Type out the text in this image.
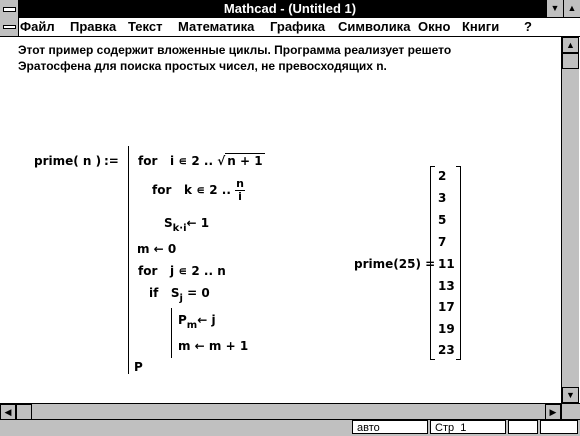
Mathcad - (Untitled 1)	▼ ▲
Файл Правка Текст Математика Графика Символика Окно Книги ?
Этот пример содержит вложенные циклы. Программа реализует решето
Эратосфена для поиска простых чисел, не превосходящих n.
prime( n ) := for i ∊ 2 .. √ n + 1
for k ∊ 2 .. $\frac{n}{i}$
$S_{k\cdot i}\leftarrow$ 1
m ← 0
for j ∊ 2 .. n
if $S_j = 0$
$P_m\leftarrow$ j
m ← m + 1
P
prime(25) =
2
3
5
7
11
13
17
19
23
▲
▼
◀	▶
авто	Стр 1
